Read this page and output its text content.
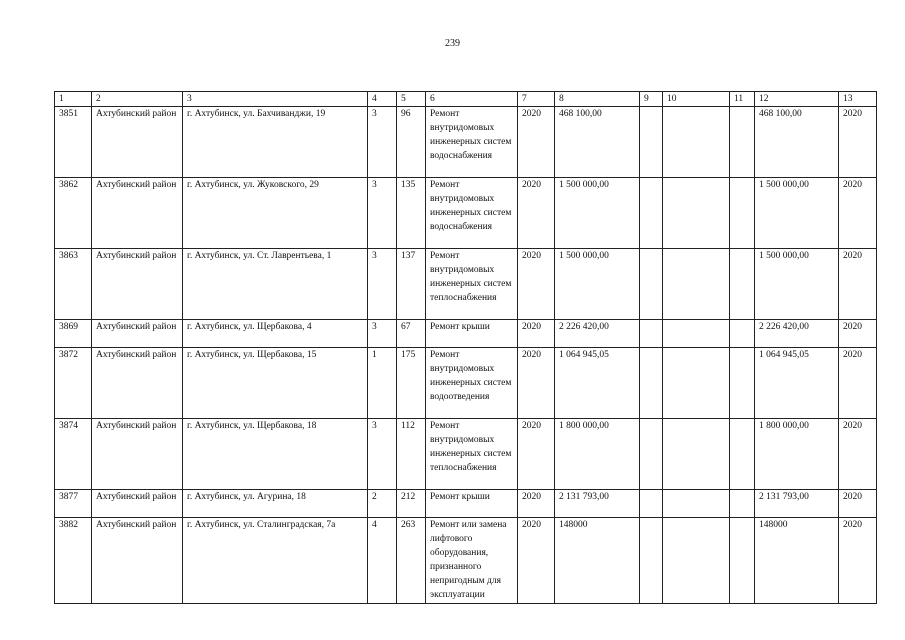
239
1	2	3	4	5	6	7	8	9	10	11	12	13
3851	Ахтубинский район	г. Ахтубинск, ул. Бахчиванджи, 19	3	96	Ремонт внутридомовых инженерных систем водоснабжения	2020	468 100,00				468 100,00	2020
3862	Ахтубинский район	г. Ахтубинск, ул. Жуковского, 29	3	135	Ремонт внутридомовых инженерных систем водоснабжения	2020	1 500 000,00				1 500 000,00	2020
3863	Ахтубинский район	г. Ахтубинск, ул. Ст. Лаврентьева, 1	3	137	Ремонт внутридомовых инженерных систем теплоснабжения	2020	1 500 000,00				1 500 000,00	2020
3869	Ахтубинский район	г. Ахтубинск, ул. Щербакова, 4	3	67	Ремонт крыши	2020	2 226 420,00				2 226 420,00	2020
3872	Ахтубинский район	г. Ахтубинск, ул. Щербакова, 15	1	175	Ремонт внутридомовых инженерных систем водоотведения	2020	1 064 945,05				1 064 945,05	2020
3874	Ахтубинский район	г. Ахтубинск, ул. Щербакова, 18	3	112	Ремонт внутридомовых инженерных систем теплоснабжения	2020	1 800 000,00				1 800 000,00	2020
3877	Ахтубинский район	г. Ахтубинск, ул. Агурина, 18	2	212	Ремонт крыши	2020	2 131 793,00				2 131 793,00	2020
3882	Ахтубинский район	г. Ахтубинск, ул. Сталинградская, 7а	4	263	Ремонт или замена лифтового оборудования, признанного непригодным для эксплуатации	2020	148000				148000	2020
